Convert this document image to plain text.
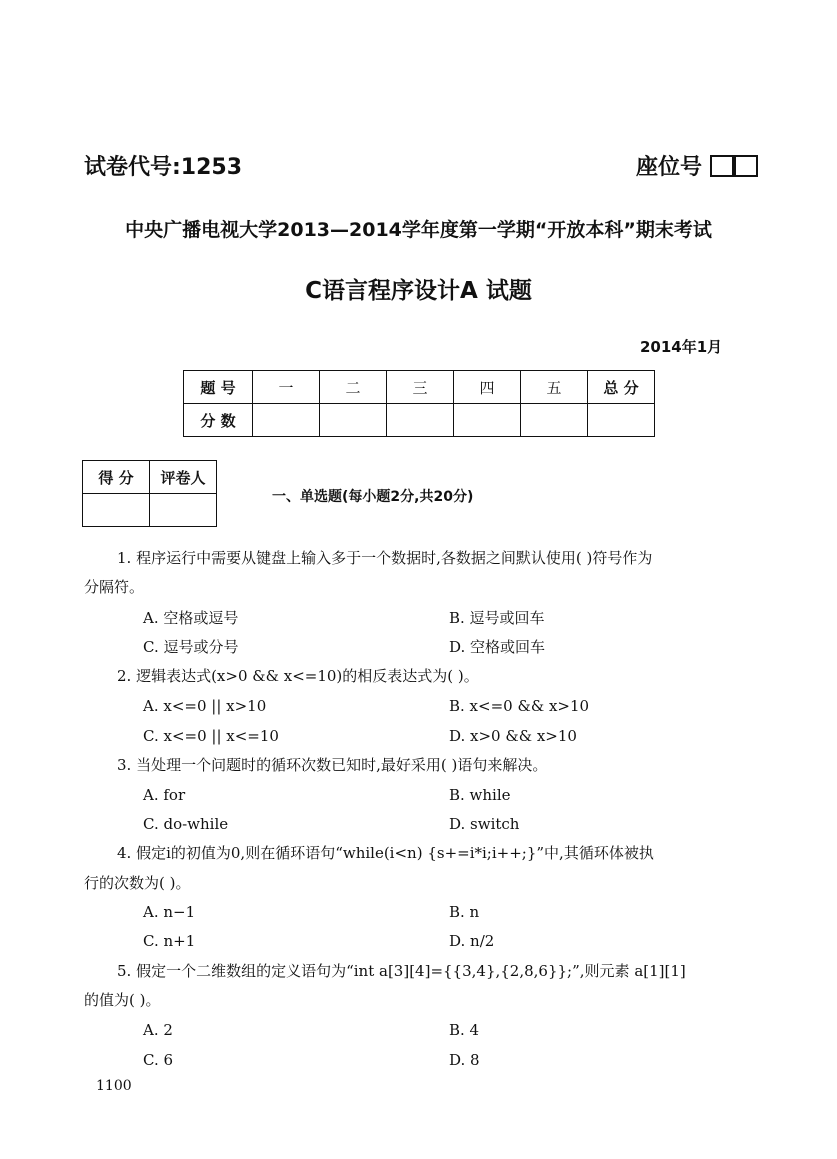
试卷代号:1253	座位号
中央广播电视大学2013—2014学年度第一学期“开放本科”期末考试
C语言程序设计A 试题
2014年1月
题 号	一	二	三	四	五	总 分
分 数						
得 分	评卷人

一、单选题(每小题2分,共20分)
1. 程序运行中需要从键盘上输入多于一个数据时,各数据之间默认使用( )符号作为
分隔符。
A. 空格或逗号	B. 逗号或回车
C. 逗号或分号	D. 空格或回车
2. 逻辑表达式(x>0 && x<=10)的相反表达式为( )。
A. x<=0 || x>10	B. x<=0 && x>10
C. x<=0 || x<=10	D. x>0 && x>10
3. 当处理一个问题时的循环次数已知时,最好采用( )语句来解决。
A. for	B. while
C. do-while	D. switch
4. 假定i的初值为0,则在循环语句“while(i<n) {s+=i*i;i++;}”中,其循环体被执
行的次数为( )。
A. n−1	B. n
C. n+1	D. n/2
5. 假定一个二维数组的定义语句为“int a[3][4]={{3,4},{2,8,6}};”,则元素 a[1][1]
的值为( )。
A. 2	B. 4
C. 6	D. 8
1100
